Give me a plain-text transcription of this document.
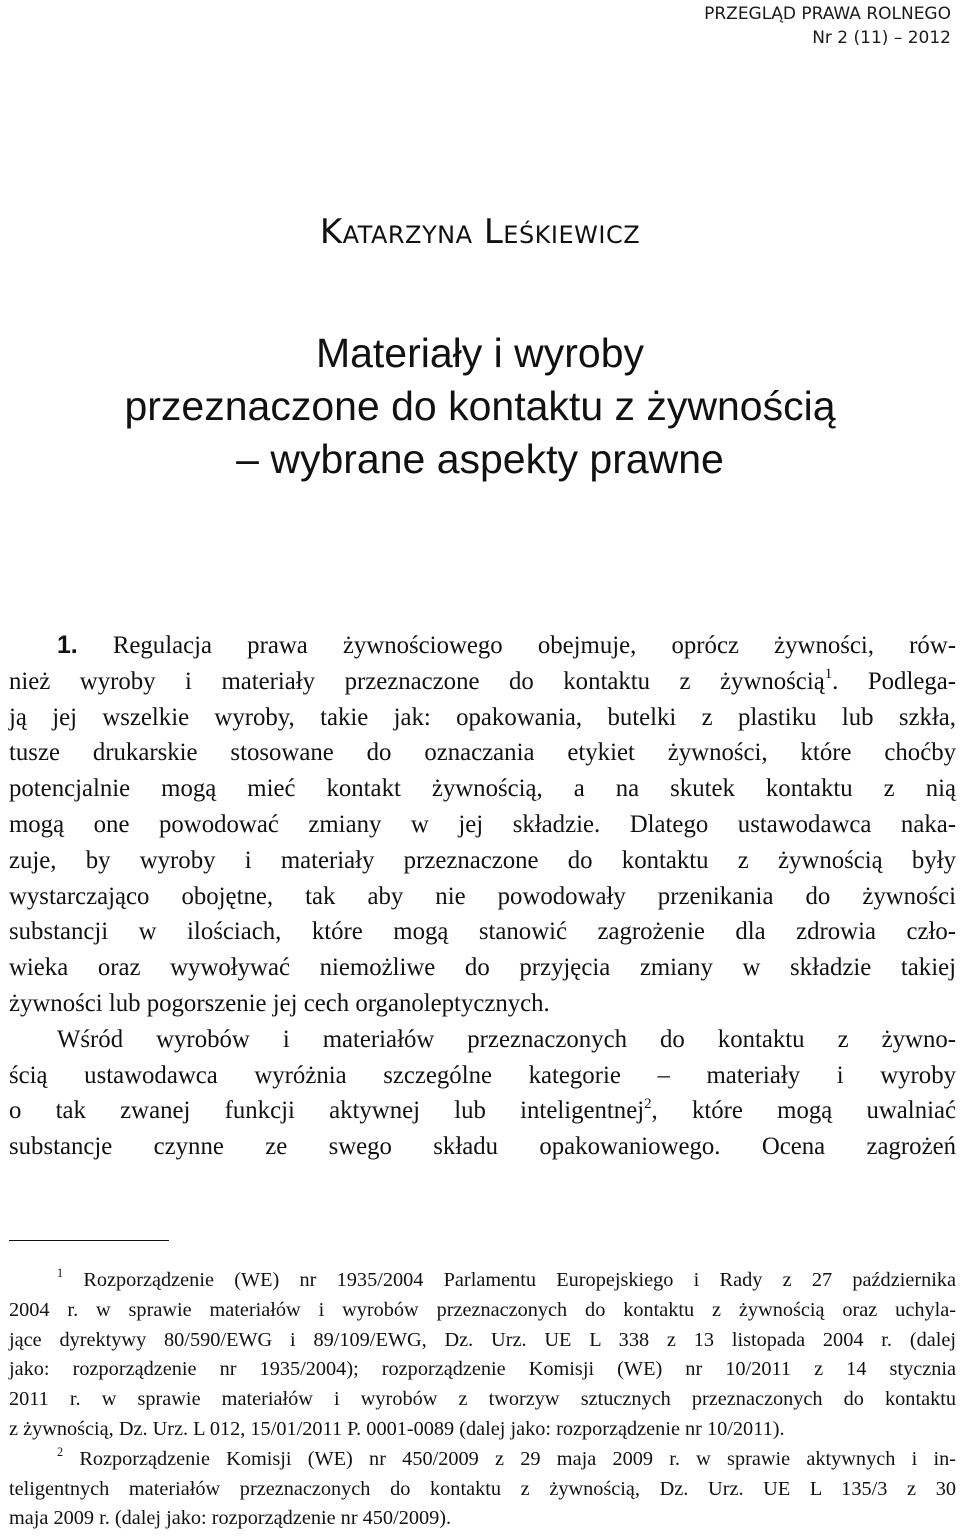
PRZEGLĄD PRAWA ROLNEGO
Nr 2 (11) – 2012
Katarzyna Leśkiewicz
Materiały i wyroby
przeznaczone do kontaktu z żywnością
– wybrane aspekty prawne
1. Regulacja prawa żywnościowego obejmuje, oprócz żywności, rów-
nież wyroby i materiały przeznaczone do kontaktu z żywnością$^1$. Podlega-
ją jej wszelkie wyroby, takie jak: opakowania, butelki z plastiku lub szkła,
tusze drukarskie stosowane do oznaczania etykiet żywności, które choćby
potencjalnie mogą mieć kontakt żywnością, a na skutek kontaktu z nią
mogą one powodować zmiany w jej składzie. Dlatego ustawodawca naka-
zuje, by wyroby i materiały przeznaczone do kontaktu z żywnością były
wystarczająco obojętne, tak aby nie powodowały przenikania do żywności
substancji w ilościach, które mogą stanowić zagrożenie dla zdrowia czło-
wieka oraz wywoływać niemożliwe do przyjęcia zmiany w składzie takiej
żywności lub pogorszenie jej cech organoleptycznych.
Wśród wyrobów i materiałów przeznaczonych do kontaktu z żywno-
ścią ustawodawca wyróżnia szczególne kategorie – materiały i wyroby
o tak zwanej funkcji aktywnej lub inteligentnej$^2$, które mogą uwalniać
substancje czynne ze swego składu opakowaniowego. Ocena zagrożeń
$^1$ Rozporządzenie (WE) nr 1935/2004 Parlamentu Europejskiego i Rady z 27 października
2004 r. w sprawie materiałów i wyrobów przeznaczonych do kontaktu z żywnością oraz uchyla-
jące dyrektywy 80/590/EWG i 89/109/EWG, Dz. Urz. UE L 338 z 13 listopada 2004 r. (dalej
jako: rozporządzenie nr 1935/2004); rozporządzenie Komisji (WE) nr 10/2011 z 14 stycznia
2011 r. w sprawie materiałów i wyrobów z tworzyw sztucznych przeznaczonych do kontaktu
z żywnością, Dz. Urz. L 012, 15/01/2011 P. 0001-0089 (dalej jako: rozporządzenie nr 10/2011).
$^2$ Rozporządzenie Komisji (WE) nr 450/2009 z 29 maja 2009 r. w sprawie aktywnych i in-
teligentnych materiałów przeznaczonych do kontaktu z żywnością, Dz. Urz. UE L 135/3 z 30
maja 2009 r. (dalej jako: rozporządzenie nr 450/2009).
